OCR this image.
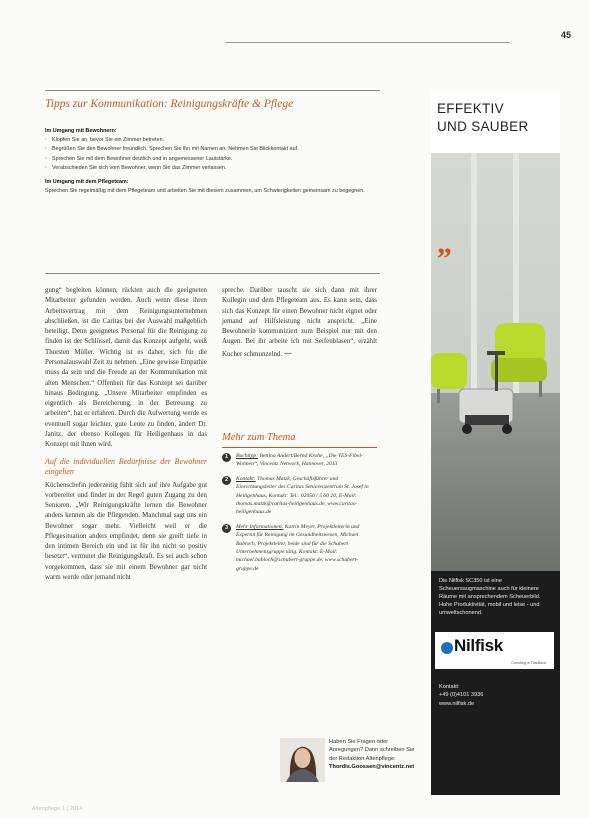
45
Tipps zur Kommunikation: Reinigungskräfte & Pflege
Im Umgang mit Bewohnern:
· Klopfen Sie an, bevor Sie ein Zimmer betreten.
· Begrüßen Sie den Bewohner freundlich. Sprechen Sie ihn mit Namen an. Nehmen Sie Blickkontakt auf.
· Sprechen Sie mit dem Bewohner deutlich und in angemessener Lautstärke.
· Verabschieden Sie sich vom Bewohner, wenn Sie das Zimmer verlassen.
Im Umgang mit dem Pflegeteam:
Sprechen Sie regelmäßig mit dem Pflegeteam und arbeiten Sie mit diesem zusammen, um Schwierigkeiten gemeinsam zu begegnen.
gung“ begleiten können, rückten auch die geeigneten Mitarbeiter gefunden werden. Auch wenn diese ihren Arbeitsvertrag mit dem Reinigungsunternehmen abschließen, ist die Caritas bei der Auswahl maßgeblich beteiligt. Denn geeignetes Personal für die Reinigung zu finden ist der Schlüssel, damit das Konzept aufgeht, weiß Thorsten Müller. Wichtig ist es daher, sich für die Personalauswahl Zeit zu nehmen. „Eine gewisse Empathie muss da sein und die Freude an der Kommunikation mit alten Menschen.“ Offenheit für das Konzept sei darüber hinaus Bedingung. „Unsere Mitarbeiter empfinden es eigentlich als Bereicherung, in der Betreuung zu arbeiten“, hat er erfahren. Durch die Aufwertung werde es eventuell sogar leichter, gute Leute zu finden, ändert Dr. Janitz, der ebenso Kollegen für Heiligenhaus in das Konzept mit ihnen wird.
Auf die individuellen Bedürfnisse der Bewohner eingehen
Küchenschefin jederzeitig fühlt sich auf ihre Aufgabe gut vorbereitet und findet in der Regel guten Zugang zu den Senioren. „Wir Reinigungskräfte lernen die Bewohner anders kennen als die Pflegenden. Manchmal sagt uns ein Bewohner sogar mehr. Vielleicht weil er die Pflegesituation anders empfindet, denn sie greift tiefe in den intimen Bereich ein und ist für ihn nicht so positiv besetzt“, vermutet die Reinigungskraft. Es sei auch schon vorgekommen, dass sie mit einem Bewohner gar nicht warm werde oder jemand nicht
spreche. Darüber tauscht sie sich dann mit ihrer Kollegin und dem Pflegeteam aus. Es kann sein, dass sich das Konzept für einen Bewohner nicht eignet oder jemand auf Hilfsleistung nicht anspricht. „Eine Bewohnerin kommuniziert zum Beispiel nur mit den Augen. Bei ihr arbeite ich mit Seifenblasen“, erzählt Kucher schmunzelnd. ⁓
Mehr zum Thema
1	Buchtipp: Bettina Andert/Bernd Krohe, „Die YES-Fibel-Wohnen“, Vincentz Network, Hannover, 2013
2	Kontakt: Thomas Matzk, Geschäftsführer und Einrichtungsleiter des Caritas Seniorenzentrum St. Josef in Heiligenhaus, Kontakt: Tel.: 02056 / 5 60 20, E-Mail: thomas.matzk@caritas-heiligenhaus.de, www.caritas-heiligenhaus.de
3	Mehr Informationen: Katrin Meyer, Projektleiterin und Expertin für Reinigung im Gesundheitswesen, Michael Babloch, Projektleiter, beide sind für die Schubert Unternehmensgruppe tätig. Kontakt: E-Mail: michael.babloch@schubert-gruppe.de, www.schubert-gruppe.de
Haben Sie Fragen oder Anregungen? Dann schreiben Sie der Redaktion Altenpflege:
Thordis.Goossen@vincentz.net
Altenpflege 1 | 2014
EFFEKTIV
UND SAUBER
„
Die Nilfisk SC350 ist eine Scheuersaugmaschine auch für kleinere Räume mit ansprechendem Scheuerbild. Hohe Produktivität, mobil und leise - und umweltschonend.
Nilfisk
Creating a Tradition
Kontakt:
+49 (0)4101 3936
www.nilfisk.de
